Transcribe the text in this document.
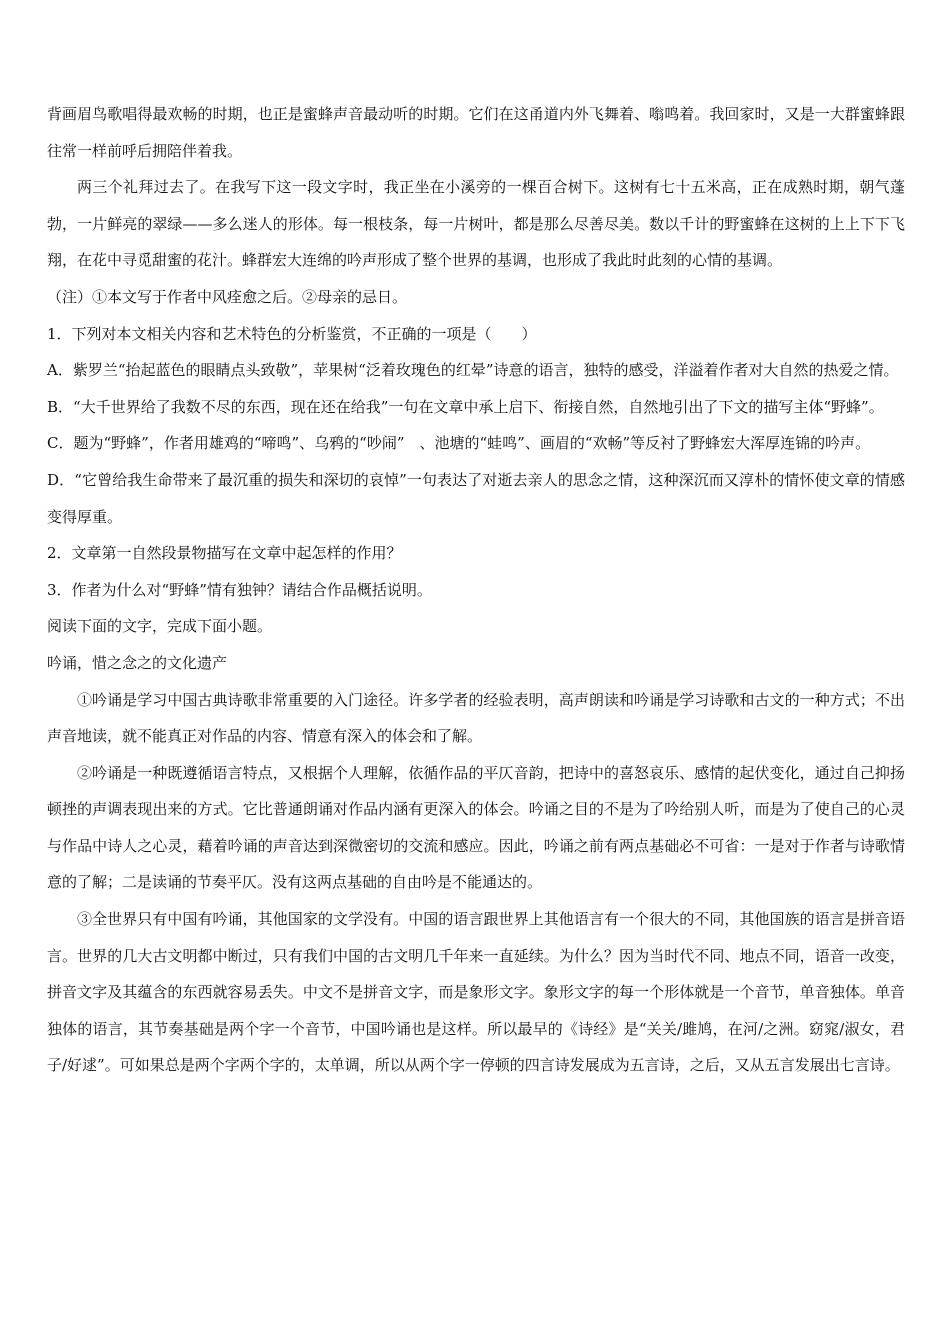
背画眉鸟歌唱得最欢畅的时期，也正是蜜蜂声音最动听的时期。它们在这甬道内外飞舞着、嗡鸣着。我回家时，又是一大群蜜蜂跟往常一样前呼后拥陪伴着我。

两三个礼拜过去了。在我写下这一段文字时，我正坐在小溪旁的一棵百合树下。这树有七十五米高，正在成熟时期，朝气蓬勃，一片鲜亮的翠绿——多么迷人的形体。每一根枝条，每一片树叶，都是那么尽善尽美。数以千计的野蜜蜂在这树的上上下下飞翔，在花中寻觅甜蜜的花汁。蜂群宏大连绵的吟声形成了整个世界的基调，也形成了我此时此刻的心情的基调。

（注）①本文写于作者中风痊愈之后。②母亲的忌日。

1．下列对本文相关内容和艺术特色的分析鉴赏，不正确的一项是（　　）

A．紫罗兰“抬起蓝色的眼睛点头致敬”，苹果树“泛着玫瑰色的红晕”诗意的语言，独特的感受，洋溢着作者对大自然的热爱之情。

B．“大千世界给了我数不尽的东西，现在还在给我”一句在文章中承上启下、衔接自然，自然地引出了下文的描写主体“野蜂”。

C．题为“野蜂”，作者用雄鸡的“啼鸣”、乌鸦的“吵闹”　、池塘的“蛙鸣”、画眉的“欢畅”等反衬了野蜂宏大浑厚连锦的吟声。

D．“它曾给我生命带来了最沉重的损失和深切的哀悼”一句表达了对逝去亲人的思念之情，这种深沉而又淳朴的情怀使文章的情感变得厚重。

2．文章第一自然段景物描写在文章中起怎样的作用？

3．作者为什么对“野蜂”情有独钟？请结合作品概括说明。

阅读下面的文字，完成下面小题。

吟诵，惜之念之的文化遗产

①吟诵是学习中国古典诗歌非常重要的入门途径。许多学者的经验表明，高声朗读和吟诵是学习诗歌和古文的一种方式；不出声音地读，就不能真正对作品的内容、情意有深入的体会和了解。

②吟诵是一种既遵循语言特点，又根据个人理解，依循作品的平仄音韵，把诗中的喜怒哀乐、感情的起伏变化，通过自己抑扬顿挫的声调表现出来的方式。它比普通朗诵对作品内涵有更深入的体会。吟诵之目的不是为了吟给别人听，而是为了使自己的心灵与作品中诗人之心灵，藉着吟诵的声音达到深微密切的交流和感应。因此，吟诵之前有两点基础必不可省：一是对于作者与诗歌情意的了解；二是读诵的节奏平仄。没有这两点基础的自由吟是不能通达的。

③全世界只有中国有吟诵，其他国家的文学没有。中国的语言跟世界上其他语言有一个很大的不同，其他国族的语言是拼音语言。世界的几大古文明都中断过，只有我们中国的古文明几千年来一直延续。为什么？因为当时代不同、地点不同，语音一改变，拼音文字及其蕴含的东西就容易丢失。中文不是拼音文字，而是象形文字。象形文字的每一个形体就是一个音节，单音独体。单音独体的语言，其节奏基础是两个字一个音节，中国吟诵也是这样。所以最早的《诗经》是“关关/雎鸠，在河/之洲。窈窕/淑女，君子/好逑”。可如果总是两个字两个字的，太单调，所以从两个字一停顿的四言诗发展成为五言诗，之后，又从五言发展出七言诗。
